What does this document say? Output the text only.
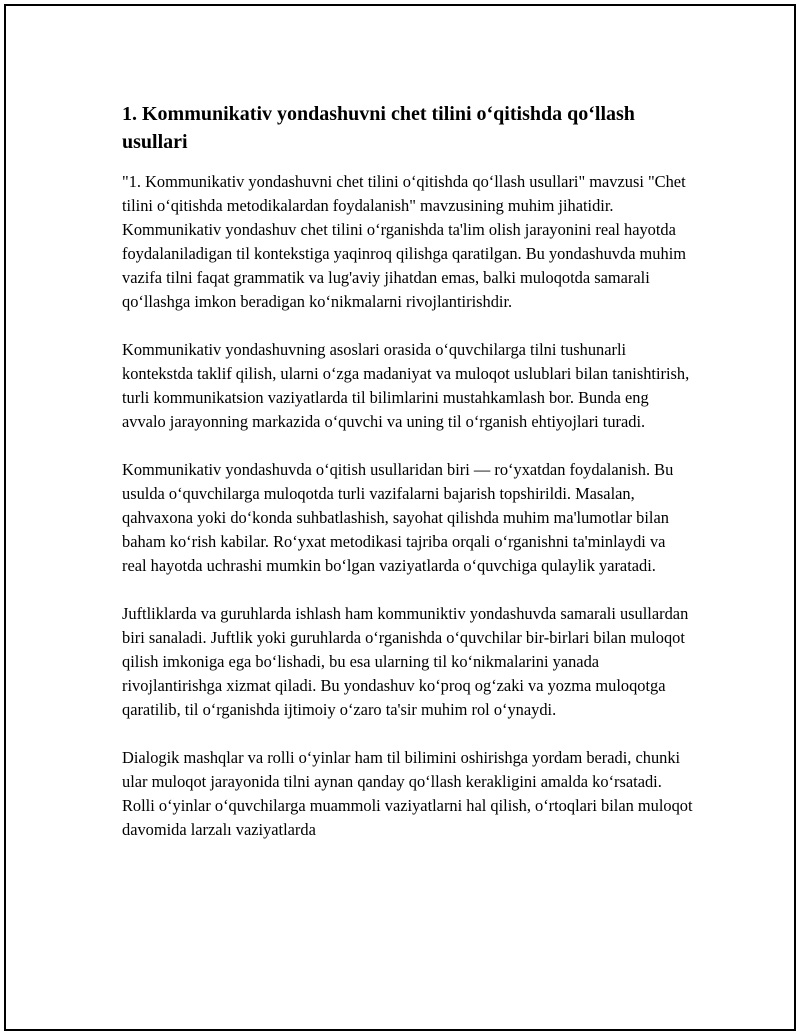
1. Kommunikativ yondashuvni chet tilini o‘qitishda qo‘llash usullari

"1. Kommunikativ yondashuvni chet tilini o‘qitishda qo‘llash usullari" mavzusi "Chet tilini o‘qitishda metodikalardan foydalanish" mavzusining muhim jihatidir. Kommunikativ yondashuv chet tilini o‘rganishda ta'lim olish jarayonini real hayotda foydalaniladigan til kontekstiga yaqinroq qilishga qaratilgan. Bu yondashuvda muhim vazifa tilni faqat grammatik va lug'aviy jihatdan emas, balki muloqotda samarali qo‘llashga imkon beradigan ko‘nikmalarni rivojlantirishdir.

Kommunikativ yondashuvning asoslari orasida o‘quvchilarga tilni tushunarli kontekstda taklif qilish, ularni o‘zga madaniyat va muloqot uslublari bilan tanishtirish, turli kommunikatsion vaziyatlarda til bilimlarini mustahkamlash bor. Bunda eng avvalo jarayonning markazida o‘quvchi va uning til o‘rganish ehtiyojlari turadi.

Kommunikativ yondashuvda o‘qitish usullaridan biri — ro‘yxatdan foydalanish. Bu usulda o‘quvchilarga muloqotda turli vazifalarni bajarish topshirildi. Masalan, qahvaxona yoki do‘konda suhbatlashish, sayohat qilishda muhim ma'lumotlar bilan baham ko‘rish kabilar. Ro‘yxat metodikasi tajriba orqali o‘rganishni ta'minlaydi va real hayotda uchrashi mumkin bo‘lgan vaziyatlarda o‘quvchiga qulaylik yaratadi.

Juftliklarda va guruhlarda ishlash ham kommuniktiv yondashuvda samarali usullardan biri sanaladi. Juftlik yoki guruhlarda o‘rganishda o‘quvchilar bir-birlari bilan muloqot qilish imkoniga ega bo‘lishadi, bu esa ularning til ko‘nikmalarini yanada rivojlantirishga xizmat qiladi. Bu yondashuv ko‘proq og‘zaki va yozma muloqotga qaratilib, til o‘rganishda ijtimoiy o‘zaro ta'sir muhim rol o‘ynaydi.

Dialogik mashqlar va rolli o‘yinlar ham til bilimini oshirishga yordam beradi, chunki ular muloqot jarayonida tilni aynan qanday qo‘llash kerakligini amalda ko‘rsatadi. Rolli o‘yinlar o‘quvchilarga muammoli vaziyatlarni hal qilish, o‘rtoqlari bilan muloqot davomida larzalı vaziyatlarda
